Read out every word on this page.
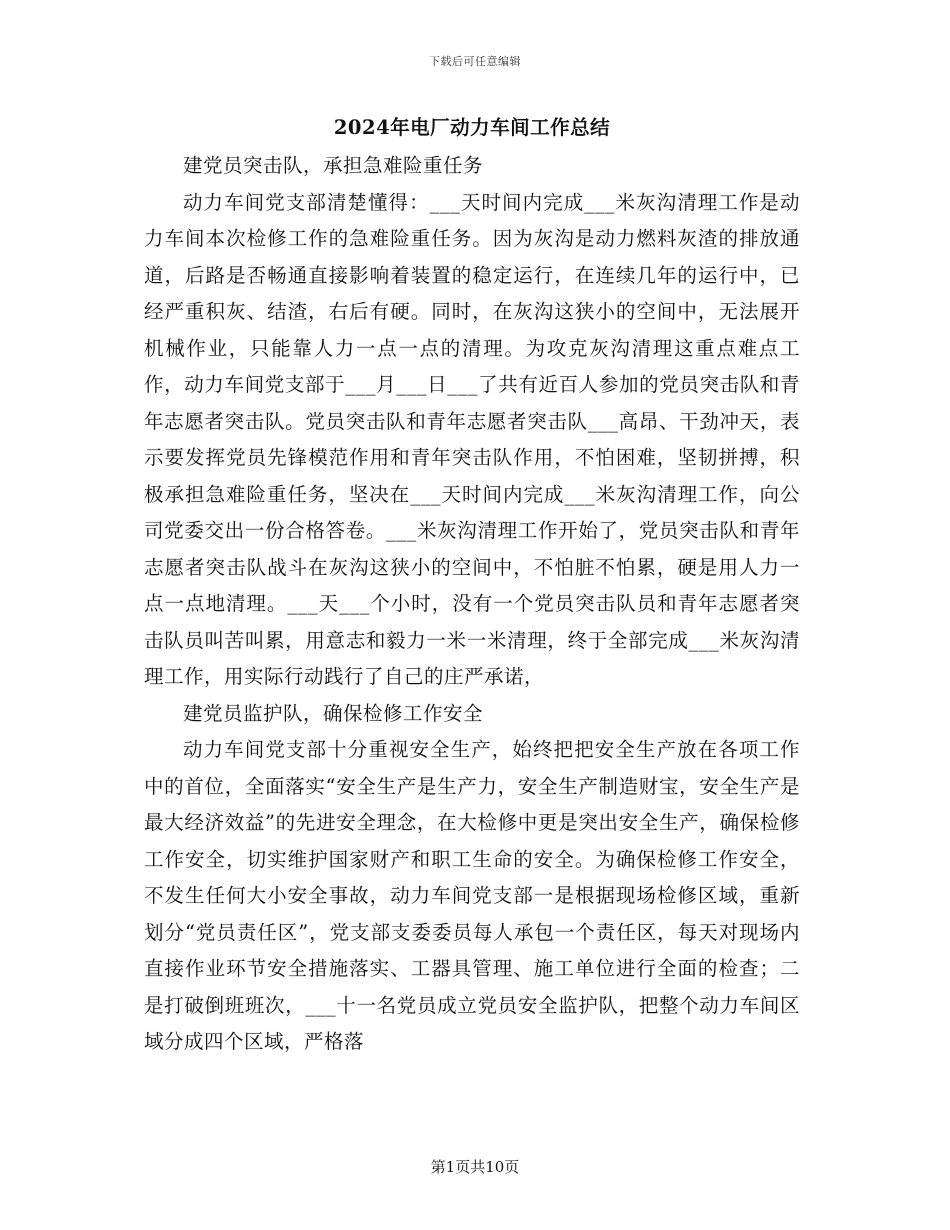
下载后可任意编辑
2024年电厂动力车间工作总结

建党员突击队，承担急难险重任务

动力车间党支部清楚懂得：___天时间内完成___米灰沟清理工作是动力车间本次检修工作的急难险重任务。因为灰沟是动力燃料灰渣的排放通道，后路是否畅通直接影响着装置的稳定运行，在连续几年的运行中，已经严重积灰、结渣，右后有硬。同时，在灰沟这狭小的空间中，无法展开机械作业，只能靠人力一点一点的清理。为攻克灰沟清理这重点难点工作，动力车间党支部于___月___日___了共有近百人参加的党员突击队和青年志愿者突击队。党员突击队和青年志愿者突击队___高昂、干劲冲天，表示要发挥党员先锋模范作用和青年突击队作用，不怕困难，坚韧拼搏，积极承担急难险重任务，坚决在___天时间内完成___米灰沟清理工作，向公司党委交出一份合格答卷。___米灰沟清理工作开始了，党员突击队和青年志愿者突击队战斗在灰沟这狭小的空间中，不怕脏不怕累，硬是用人力一点一点地清理。___天___个小时，没有一个党员突击队员和青年志愿者突击队员叫苦叫累，用意志和毅力一米一米清理，终于全部完成___米灰沟清理工作，用实际行动践行了自己的庄严承诺，

建党员监护队，确保检修工作安全

动力车间党支部十分重视安全生产，始终把把安全生产放在各项工作中的首位，全面落实“安全生产是生产力，安全生产制造财宝，安全生产是最大经济效益”的先进安全理念，在大检修中更是突出安全生产，确保检修工作安全，切实维护国家财产和职工生命的安全。为确保检修工作安全，不发生任何大小安全事故，动力车间党支部一是根据现场检修区域，重新划分“党员责任区”，党支部支委委员每人承包一个责任区，每天对现场内直接作业环节安全措施落实、工器具管理、施工单位进行全面的检查；二是打破倒班班次，___十一名党员成立党员安全监护队，把整个动力车间区域分成四个区域，严格落

第1页共10页
